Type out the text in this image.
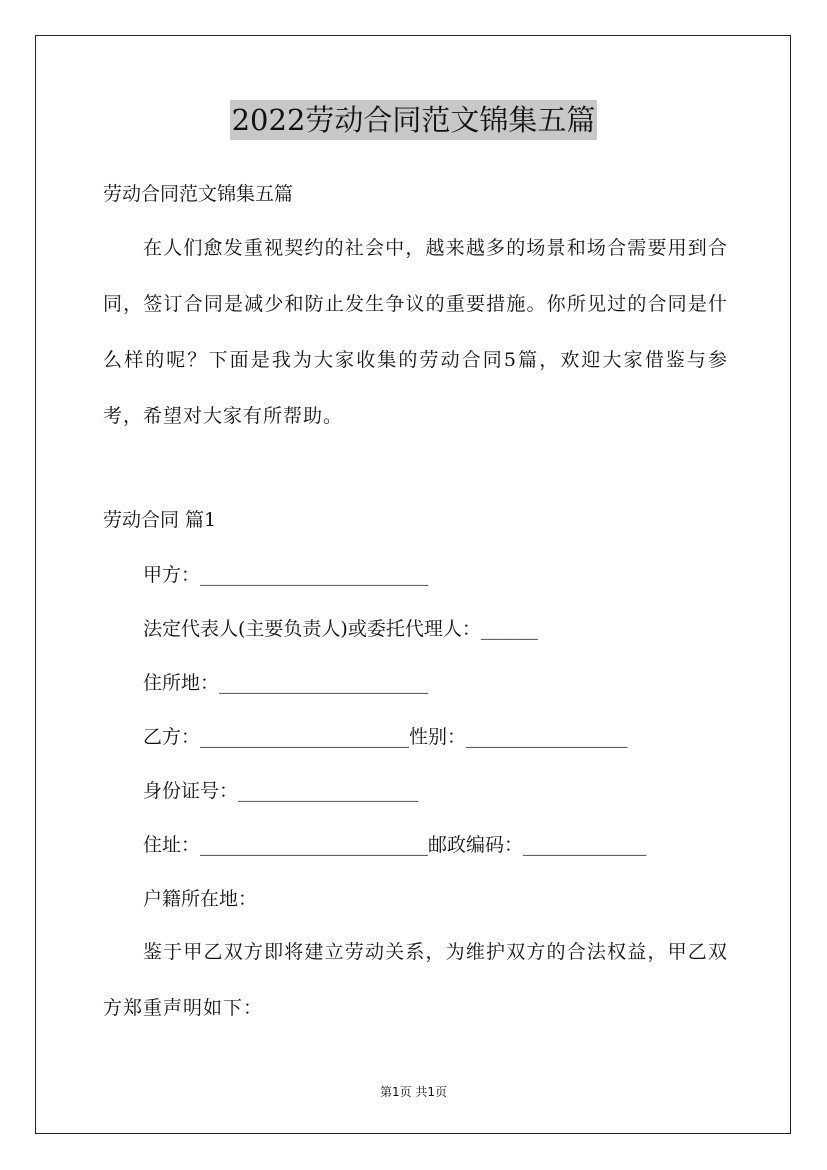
2022劳动合同范文锦集五篇
劳动合同范文锦集五篇
在人们愈发重视契约的社会中，越来越多的场景和场合需要用到合同，签订合同是减少和防止发生争议的重要措施。你所见过的合同是什么样的呢？下面是我为大家收集的劳动合同5篇，欢迎大家借鉴与参考，希望对大家有所帮助。
劳动合同 篇1
甲方：________________________
法定代表人(主要负责人)或委托代理人：______
住所地：______________________
乙方：______________________性别：_________________
身份证号：___________________
住址：________________________邮政编码：_____________
户籍所在地：
鉴于甲乙双方即将建立劳动关系，为维护双方的合法权益，甲乙双方郑重声明如下：
第1页 共1页
